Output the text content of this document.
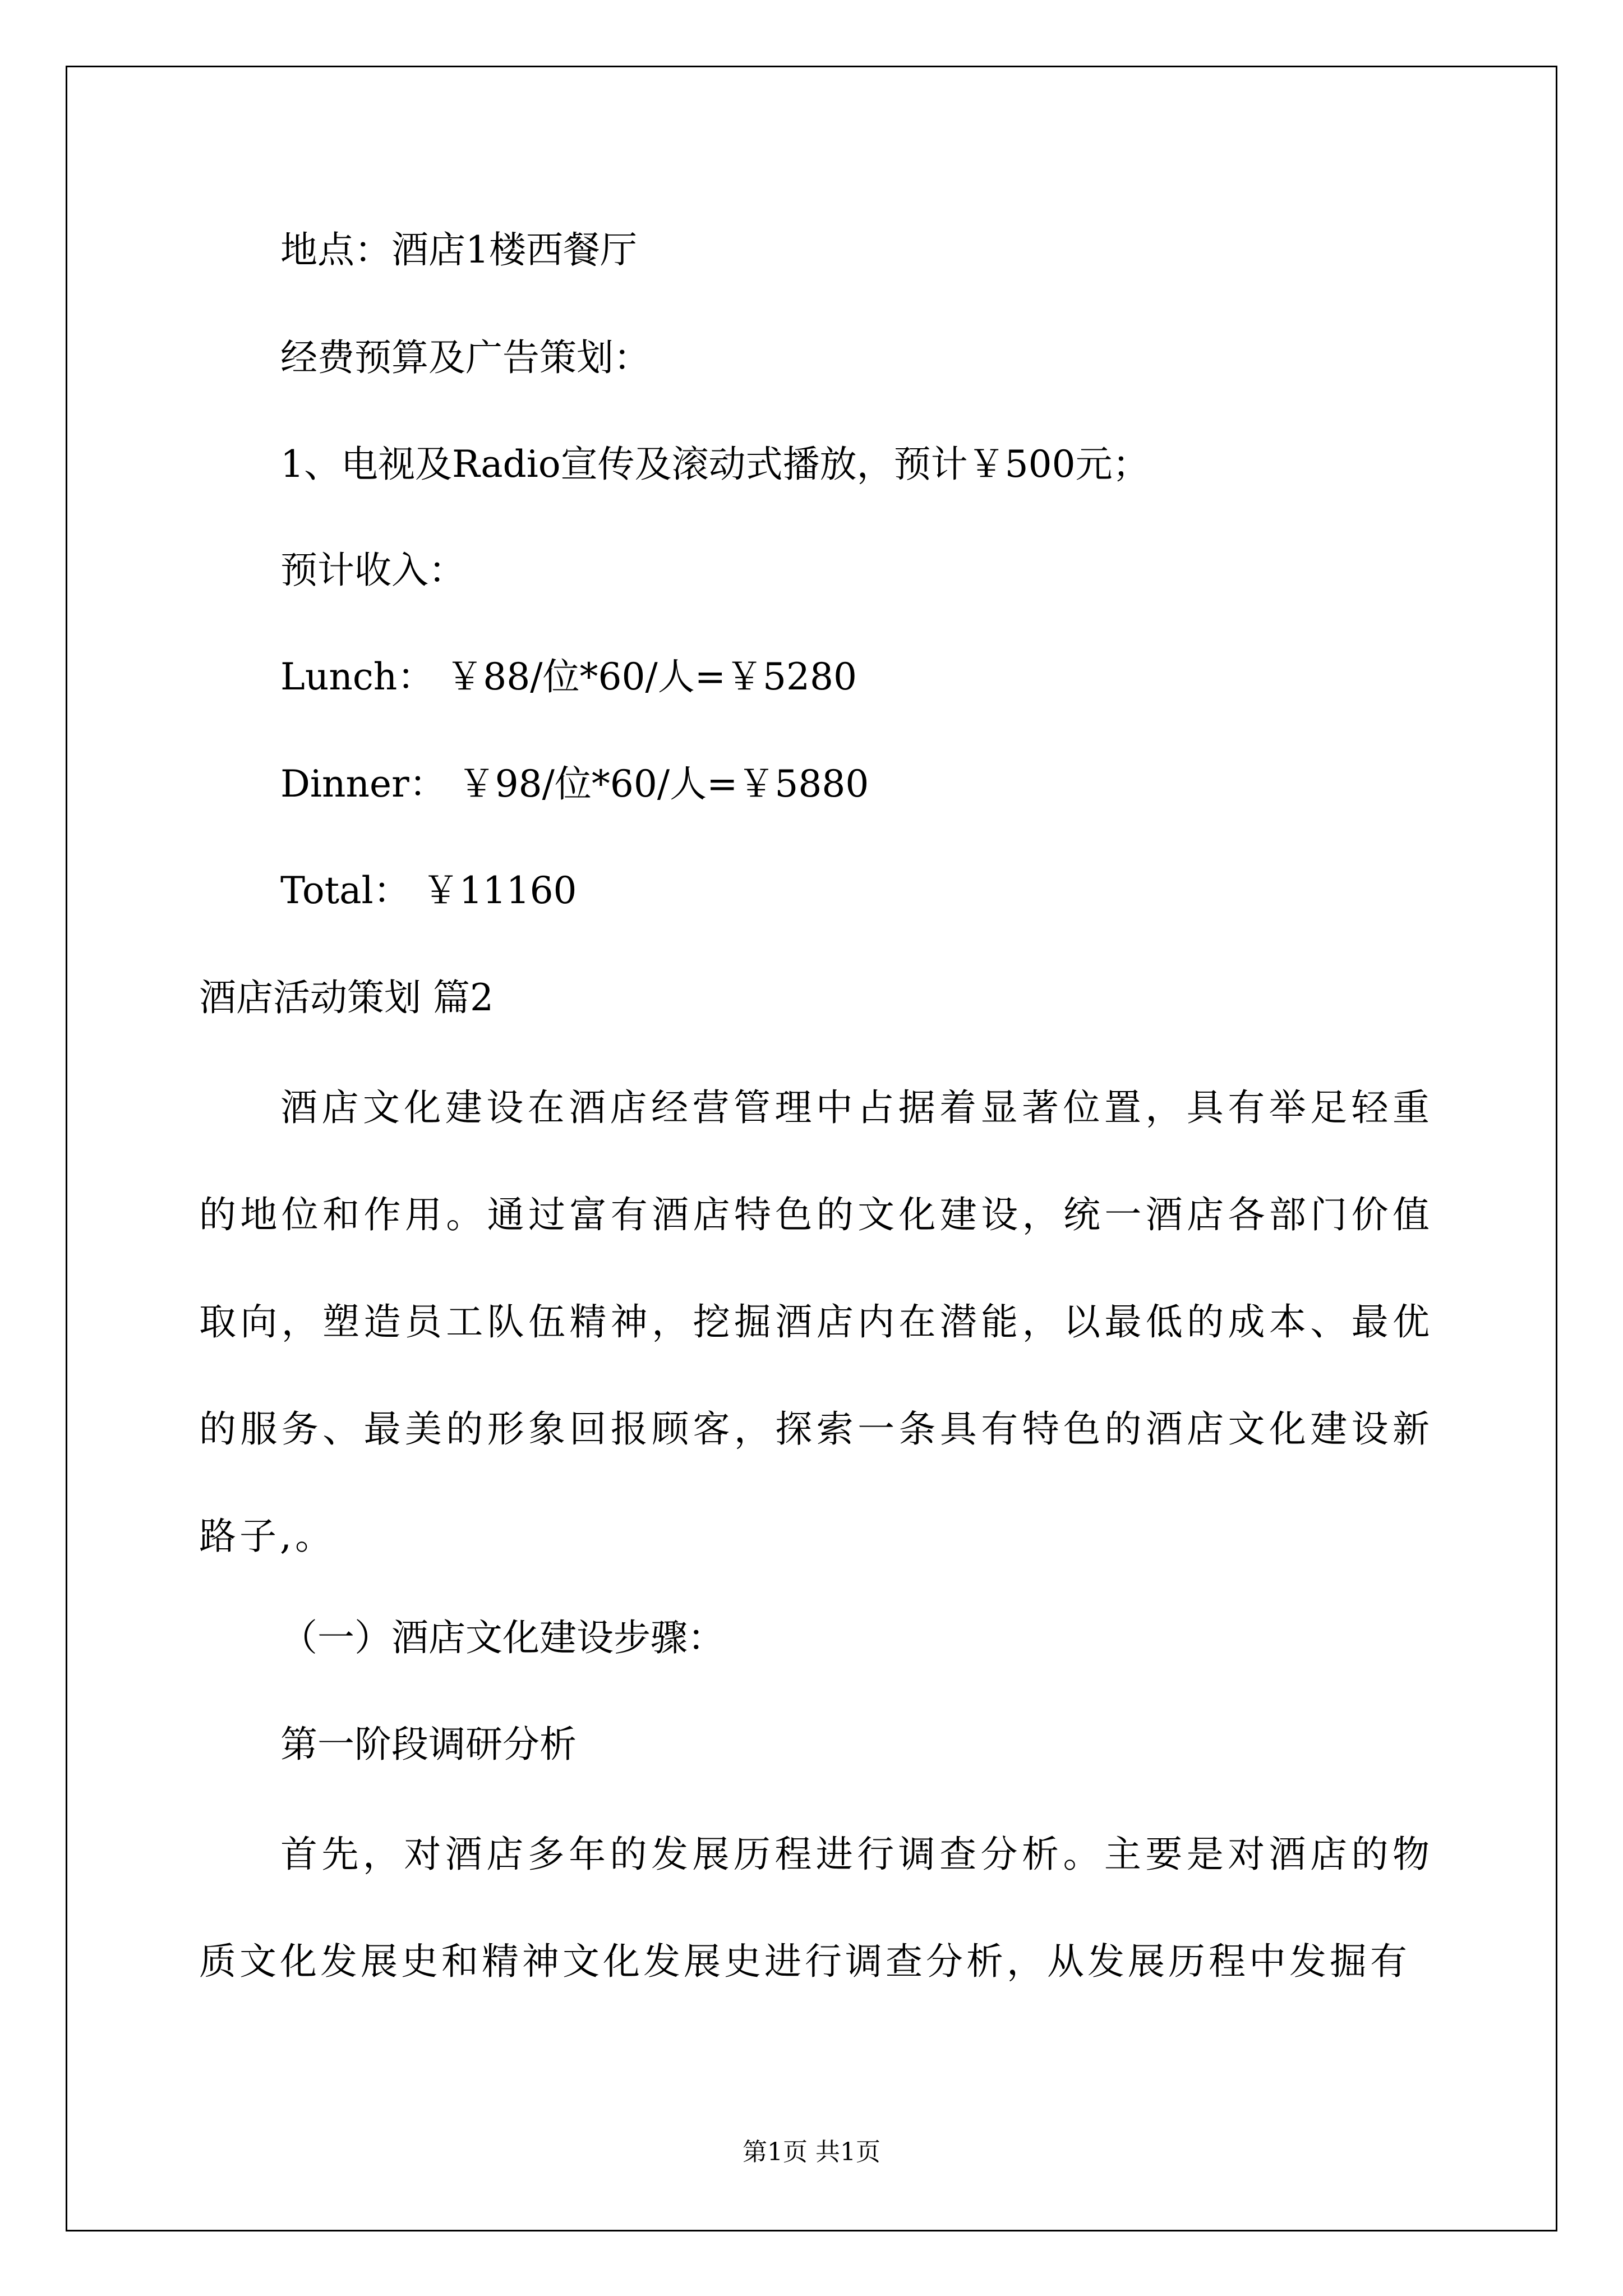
地点：酒店1楼西餐厅
经费预算及广告策划：
1、电视及Radio宣传及滚动式播放，预计￥500元；
预计收入：
Lunch： ￥88/位*60/人=￥5280
Dinner： ￥98/位*60/人=￥5880
Total： ￥11160
酒店活动策划 篇2
酒店文化建设在酒店经营管理中占据着显著位置，具有举足轻重的地位和作用。通过富有酒店特色的文化建设，统一酒店各部门价值取向，塑造员工队伍精神，挖掘酒店内在潜能，以最低的成本、最优的服务、最美的形象回报顾客，探索一条具有特色的酒店文化建设新路子,。
（一）酒店文化建设步骤：
第一阶段调研分析
首先，对酒店多年的发展历程进行调查分析。主要是对酒店的物质文化发展史和精神文化发展史进行调查分析，从发展历程中发掘有
第1页 共1页
